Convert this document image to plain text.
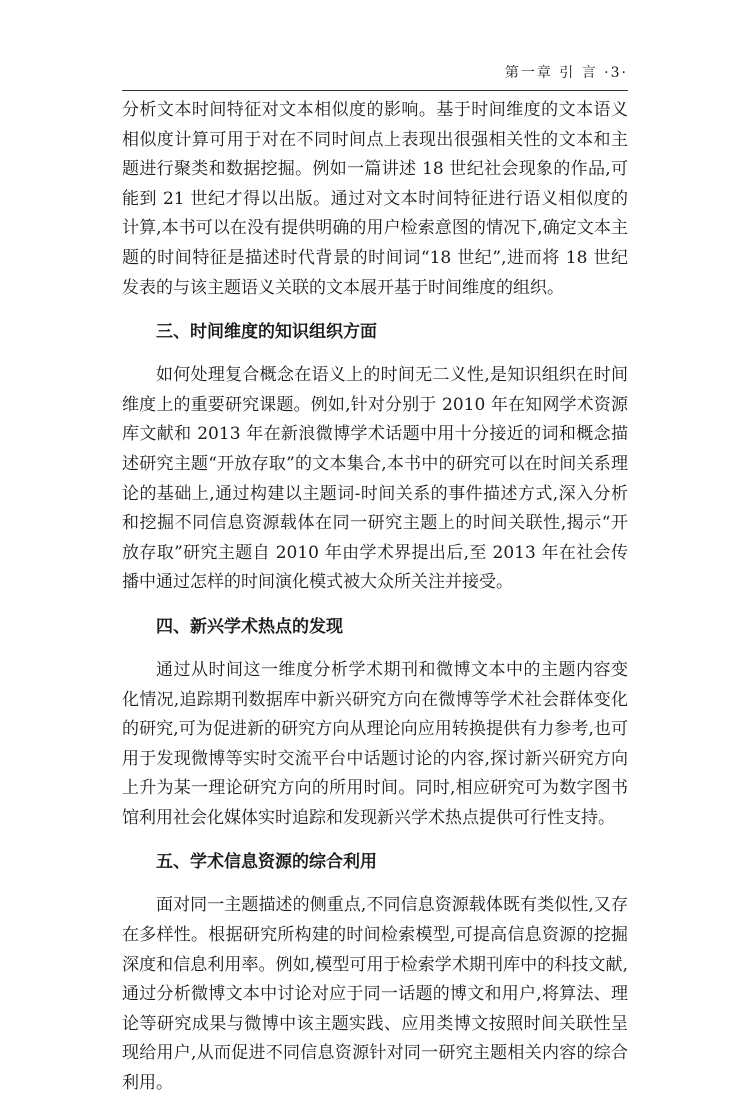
第一章 引 言 ·3·

分析文本时间特征对文本相似度的影响。基于时间维度的文本语义相似度计算可用于对在不同时间点上表现出很强相关性的文本和主题进行聚类和数据挖掘。例如一篇讲述 18 世纪社会现象的作品,可能到 21 世纪才得以出版。通过对文本时间特征进行语义相似度的计算,本书可以在没有提供明确的用户检索意图的情况下,确定文本主题的时间特征是描述时代背景的时间词“18 世纪”,进而将 18 世纪发表的与该主题语义关联的文本展开基于时间维度的组织。

三、时间维度的知识组织方面

如何处理复合概念在语义上的时间无二义性,是知识组织在时间维度上的重要研究课题。例如,针对分别于 2010 年在知网学术资源库文献和 2013 年在新浪微博学术话题中用十分接近的词和概念描述研究主题“开放存取”的文本集合,本书中的研究可以在时间关系理论的基础上,通过构建以主题词-时间关系的事件描述方式,深入分析和挖掘不同信息资源载体在同一研究主题上的时间关联性,揭示“开放存取”研究主题自 2010 年由学术界提出后,至 2013 年在社会传播中通过怎样的时间演化模式被大众所关注并接受。

四、新兴学术热点的发现

通过从时间这一维度分析学术期刊和微博文本中的主题内容变化情况,追踪期刊数据库中新兴研究方向在微博等学术社会群体变化的研究,可为促进新的研究方向从理论向应用转换提供有力参考,也可用于发现微博等实时交流平台中话题讨论的内容,探讨新兴研究方向上升为某一理论研究方向的所用时间。同时,相应研究可为数字图书馆利用社会化媒体实时追踪和发现新兴学术热点提供可行性支持。

五、学术信息资源的综合利用

面对同一主题描述的侧重点,不同信息资源载体既有类似性,又存在多样性。根据研究所构建的时间检索模型,可提高信息资源的挖掘深度和信息利用率。例如,模型可用于检索学术期刊库中的科技文献,通过分析微博文本中讨论对应于同一话题的博文和用户,将算法、理论等研究成果与微博中该主题实践、应用类博文按照时间关联性呈现给用户,从而促进不同信息资源针对同一研究主题相关内容的综合利用。
